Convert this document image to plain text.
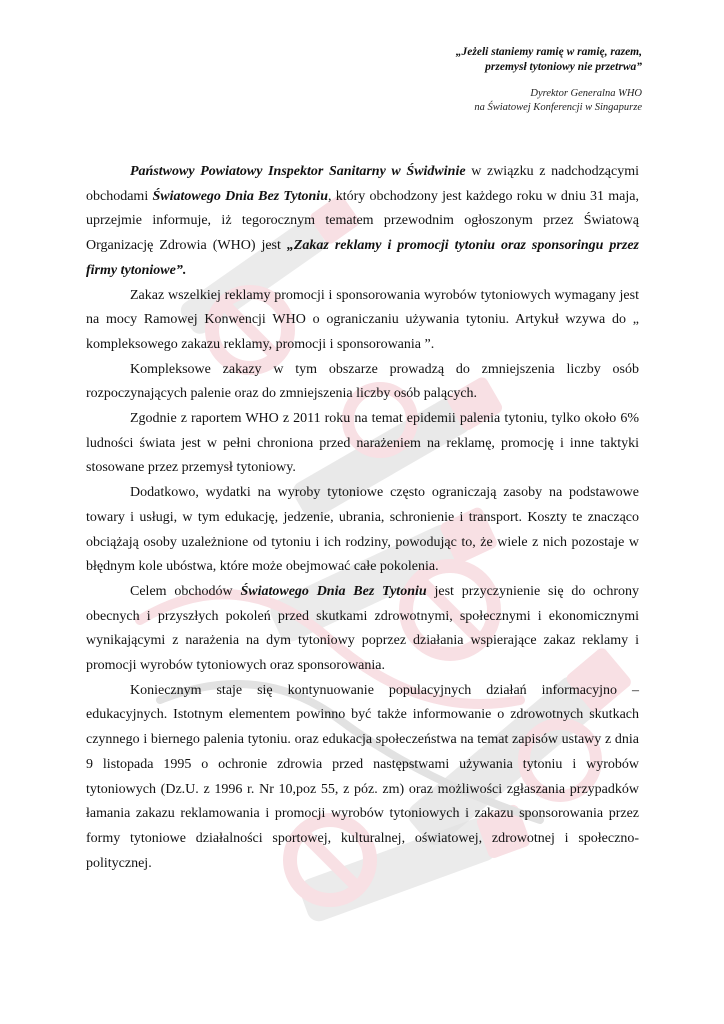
„Jeżeli staniemy ramię w ramię, razem,
przemysł tytoniowy nie przetrwa”
Dyrektor Generalna WHO
na Światowej Konferencji w Singapurze

Państwowy Powiatowy Inspektor Sanitarny w Świdwinie w związku z nadchodzącymi obchodami Światowego Dnia Bez Tytoniu, który obchodzony jest każdego roku w dniu 31 maja, uprzejmie informuje, iż tegorocznym tematem przewodnim ogłoszonym przez Światową Organizację Zdrowia (WHO) jest „Zakaz reklamy i promocji tytoniu oraz sponsoringu przez firmy tytoniowe”.

Zakaz wszelkiej reklamy promocji i sponsorowania wyrobów tytoniowych wymagany jest na mocy Ramowej Konwencji WHO o ograniczaniu używania tytoniu. Artykuł wzywa do „ kompleksowego zakazu reklamy, promocji i sponsorowania ”.

Kompleksowe zakazy w tym obszarze prowadzą do zmniejszenia liczby osób rozpoczynających palenie oraz do zmniejszenia liczby osób palących.

Zgodnie z raportem WHO z 2011 roku na temat epidemii palenia tytoniu, tylko około 6% ludności świata jest w pełni chroniona przed narażeniem na reklamę, promocję i inne taktyki stosowane przez przemysł tytoniowy.

Dodatkowo, wydatki na wyroby tytoniowe często ograniczają zasoby na podstawowe towary i usługi, w tym edukację, jedzenie, ubrania, schronienie i transport. Koszty te znacząco obciążają osoby uzależnione od tytoniu i ich rodziny, powodując to, że wiele z nich pozostaje w błędnym kole ubóstwa, które może obejmować całe pokolenia.

Celem obchodów Światowego Dnia Bez Tytoniu jest przyczynienie się do ochrony obecnych i przyszłych pokoleń przed skutkami zdrowotnymi, społecznymi i ekonomicznymi wynikającymi z narażenia na dym tytoniowy poprzez działania wspierające zakaz reklamy i promocji wyrobów tytoniowych oraz sponsorowania.

Koniecznym staje się kontynuowanie populacyjnych działań informacyjno – edukacyjnych. Istotnym elementem powinno być także informowanie o zdrowotnych skutkach czynnego i biernego palenia tytoniu. oraz edukacja społeczeństwa na temat zapisów ustawy z dnia 9 listopada 1995 o ochronie zdrowia przed następstwami używania tytoniu i wyrobów tytoniowych (Dz.U. z 1996 r. Nr 10,poz 55, z póz. zm) oraz możliwości zgłaszania przypadków łamania zakazu reklamowania i promocji wyrobów tytoniowych i zakazu sponsorowania przez formy tytoniowe działalności sportowej, kulturalnej, oświatowej, zdrowotnej i społeczno-politycznej.
